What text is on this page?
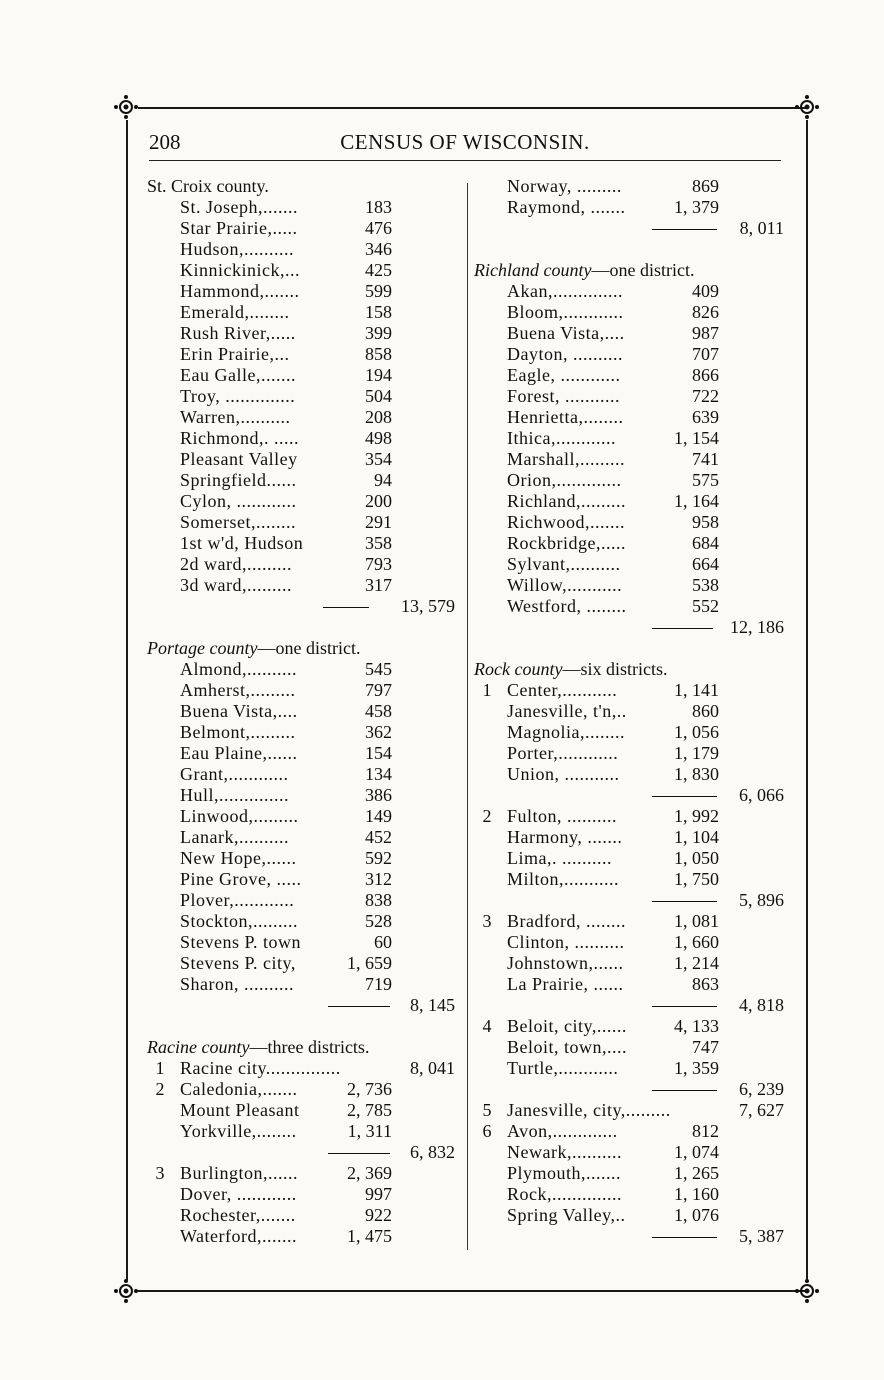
208	CENSUS OF WISCONSIN.
St. Croix county.
St. Joseph,.......	183
Star Prairie,.....	476
Hudson,..........	346
Kinnickinick,...	425
Hammond,.......	599
Emerald,........	158
Rush River,.....	399
Erin Prairie,...	858
Eau Galle,.......	194
Troy, ..............	504
Warren,..........	208
Richmond,. .....	498
Pleasant Valley	354
Springfield......	94
Cylon, ............	200
Somerset,........	291
1st w'd, Hudson	358
2d ward,.........	793
3d ward,.........	317
13, 579
Portage county—one district.
Almond,..........	545
Amherst,.........	797
Buena Vista,....	458
Belmont,.........	362
Eau Plaine,......	154
Grant,............	134
Hull,..............	386
Linwood,.........	149
Lanark,..........	452
New Hope,......	592
Pine Grove, .....	312
Plover,............	838
Stockton,.........	528
Stevens P. town	60
Stevens P. city,	1, 659
Sharon, ..........	719
8, 145
Racine county—three districts.
1 Racine city...............	8, 041
2 Caledonia,.......	2, 736
Mount Pleasant	2, 785
Yorkville,........	1, 311
6, 832
3 Burlington,......	2, 369
Dover, ............	997
Rochester,.......	922
Waterford,.......	1, 475
Norway, .........	869
Raymond, .......	1, 379
8, 011
Richland county—one district.
Akan,..............	409
Bloom,............	826
Buena Vista,....	987
Dayton, ..........	707
Eagle, ............	866
Forest, ...........	722
Henrietta,........	639
Ithica,............	1, 154
Marshall,.........	741
Orion,.............	575
Richland,.........	1, 164
Richwood,.......	958
Rockbridge,.....	684
Sylvant,..........	664
Willow,...........	538
Westford, ........	552
12, 186
Rock county—six districts.
1 Center,...........	1, 141
Janesville, t'n,..	860
Magnolia,........	1, 056
Porter,............	1, 179
Union, ...........	1, 830
6, 066
2 Fulton, ..........	1, 992
Harmony, .......	1, 104
Lima,. ..........	1, 050
Milton,...........	1, 750
5, 896
3 Bradford, ........	1, 081
Clinton, ..........	1, 660
Johnstown,......	1, 214
La Prairie, ......	863
4, 818
4 Beloit, city,......	4, 133
Beloit, town,....	747
Turtle,............	1, 359
6, 239
5 Janesville, city,.........	7, 627
6 Avon,.............	812
Newark,..........	1, 074
Plymouth,.......	1, 265
Rock,..............	1, 160
Spring Valley,..	1, 076
5, 387
